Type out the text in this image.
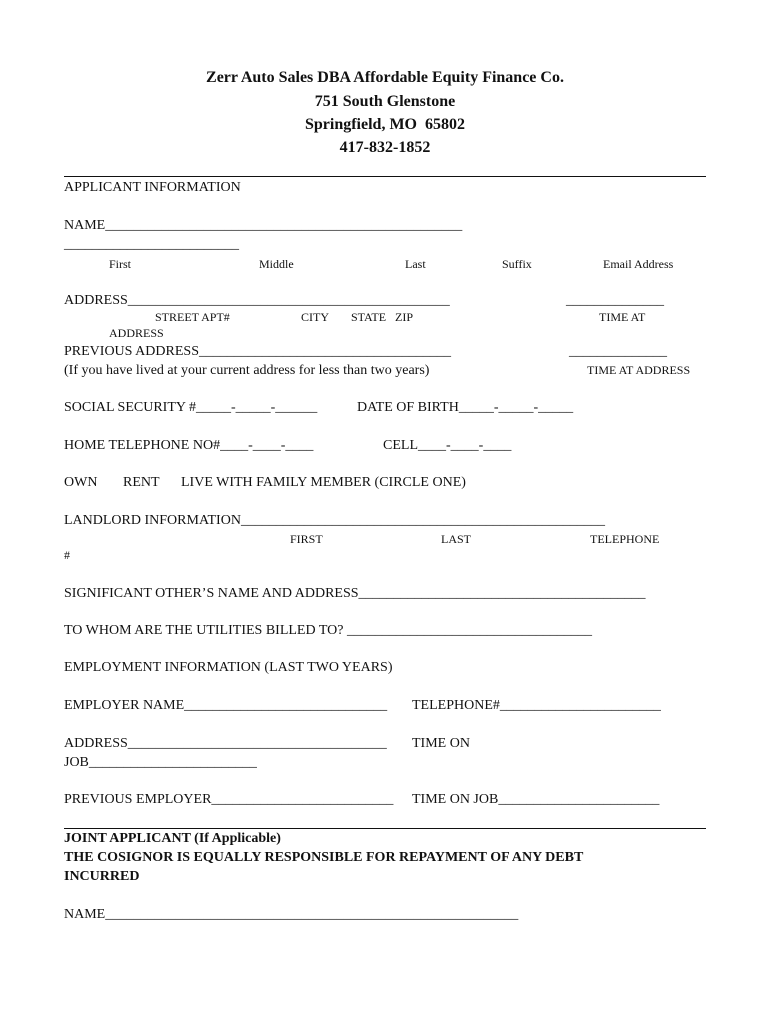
Zerr Auto Sales DBA Affordable Equity Finance Co.
751 South Glenstone
Springfield, MO  65802
417-832-1852
APPLICANT INFORMATION
NAME___________________________________________________
_________________________
First	Middle	Last	Suffix	Email Address
ADDRESS______________________________________________	______________
STREET APT#	CITY STATE   ZIP	TIME AT
ADDRESS
PREVIOUS ADDRESS____________________________________	______________
(If you have lived at your current address for less than two years)	TIME AT ADDRESS
SOCIAL SECURITY #_____-_____-______	DATE OF BIRTH_____-_____-_____
HOME TELEPHONE NO#____-____-____	CELL____-____-____
OWN RENT LIVE WITH FAMILY MEMBER (CIRCLE ONE)
LANDLORD INFORMATION____________________________________________________
FIRST	LAST	TELEPHONE
#
SIGNIFICANT OTHER’S NAME AND ADDRESS_________________________________________
TO WHOM ARE THE UTILITIES BILLED TO? ___________________________________
EMPLOYMENT INFORMATION (LAST TWO YEARS)
EMPLOYER NAME_____________________________ TELEPHONE#_______________________
ADDRESS_____________________________________ TIME ON
JOB________________________
PREVIOUS EMPLOYER__________________________ TIME ON JOB_______________________
JOINT APPLICANT (If Applicable)
THE COSIGNOR IS EQUALLY RESPONSIBLE FOR REPAYMENT OF ANY DEBT
INCURRED
NAME___________________________________________________________
